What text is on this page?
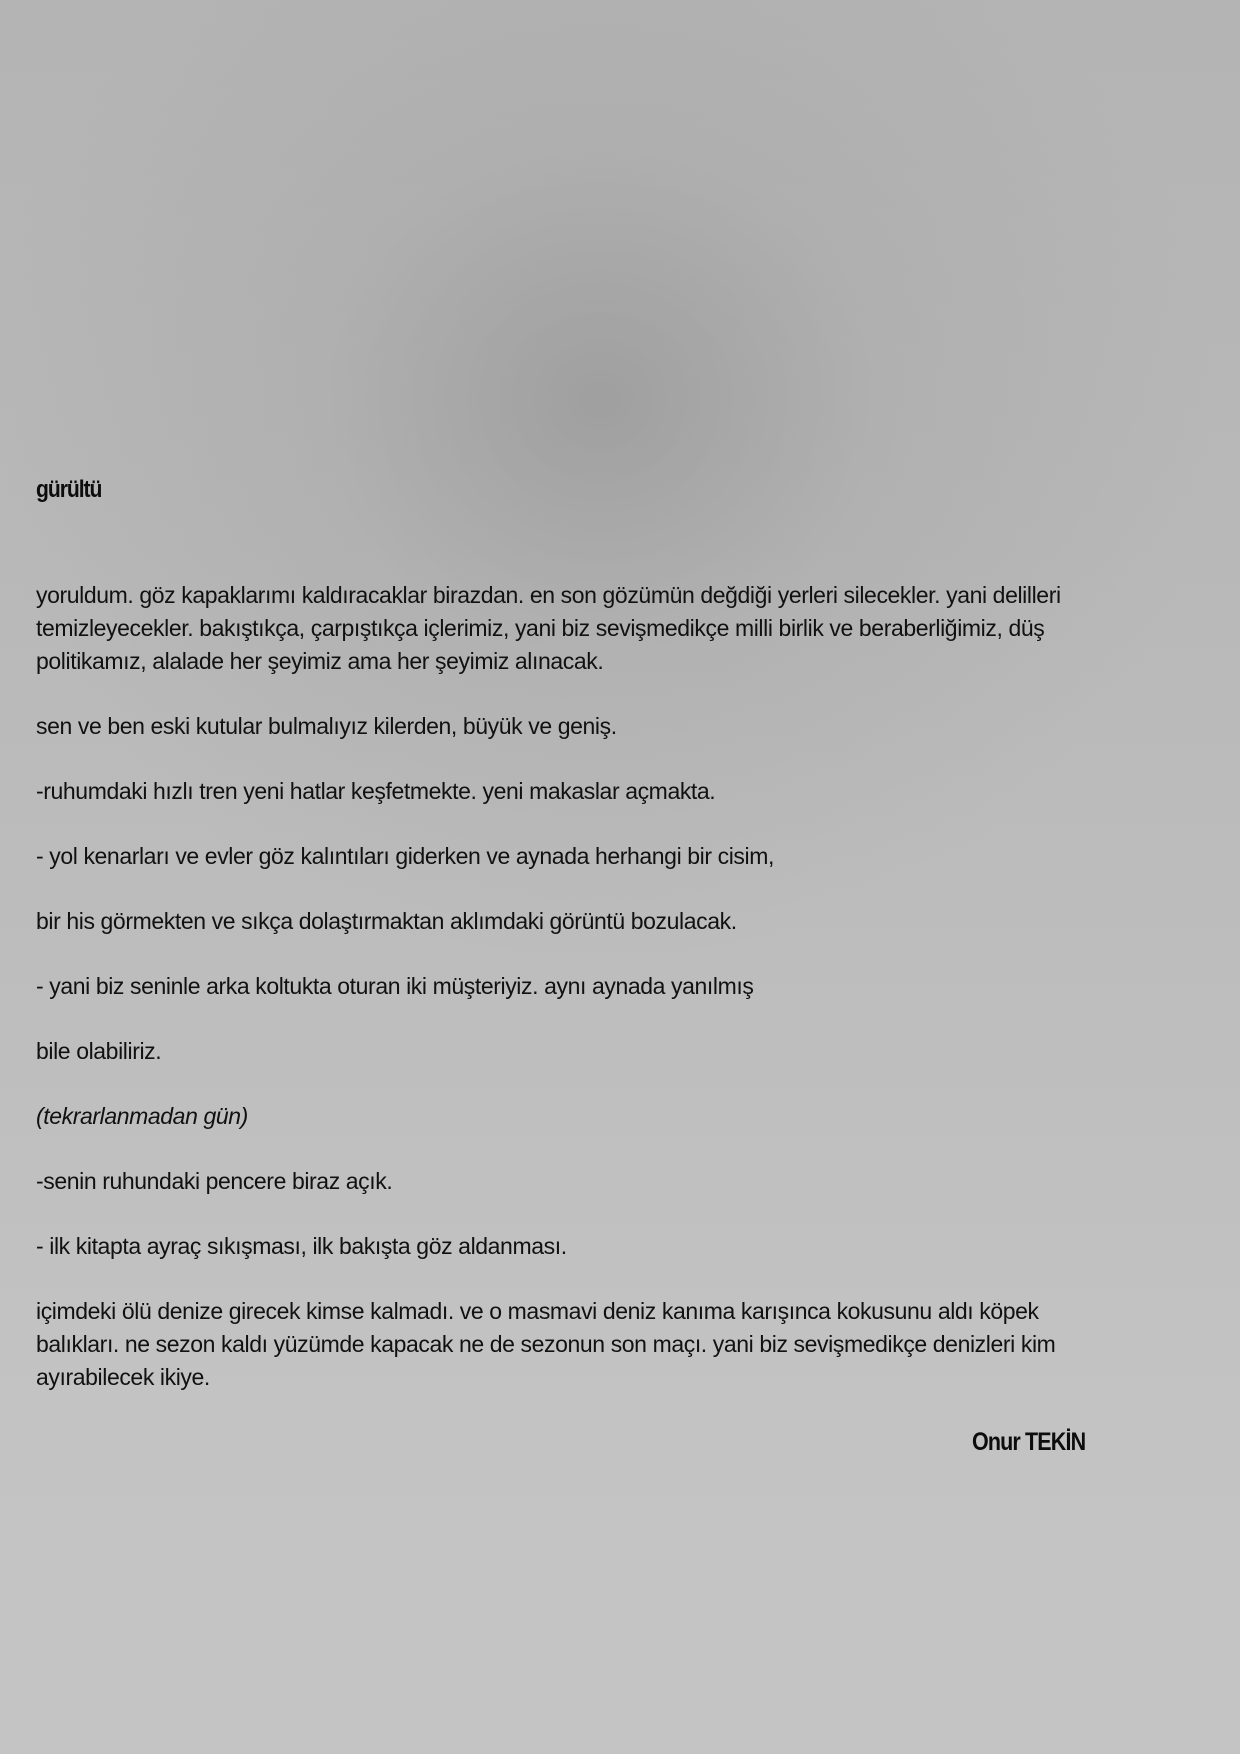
gürültü

yoruldum. göz kapaklarımı kaldıracaklar birazdan. en son gözümün değdiği yerleri silecekler. yani delilleri
temizleyecekler. bakıştıkça, çarpıştıkça içlerimiz, yani biz sevişmedikçe milli birlik ve beraberliğimiz, düş
politikamız, alalade her şeyimiz ama her şeyimiz alınacak.

sen ve ben eski kutular bulmalıyız kilerden, büyük ve geniş.

-ruhumdaki hızlı tren yeni hatlar keşfetmekte. yeni makaslar açmakta.

- yol kenarları ve evler göz kalıntıları giderken ve aynada herhangi bir cisim,

bir his görmekten ve sıkça dolaştırmaktan aklımdaki görüntü bozulacak.

- yani biz seninle arka koltukta oturan iki müşteriyiz. aynı aynada yanılmış

bile olabiliriz.

(tekrarlanmadan gün)

-senin ruhundaki pencere biraz açık.

- ilk kitapta ayraç sıkışması, ilk bakışta göz aldanması.

içimdeki ölü denize girecek kimse kalmadı. ve o masmavi deniz kanıma karışınca kokusunu aldı köpek
balıkları. ne sezon kaldı yüzümde kapacak ne de sezonun son maçı. yani biz sevişmedikçe denizleri kim
ayırabilecek ikiye.

Onur TEKİN
